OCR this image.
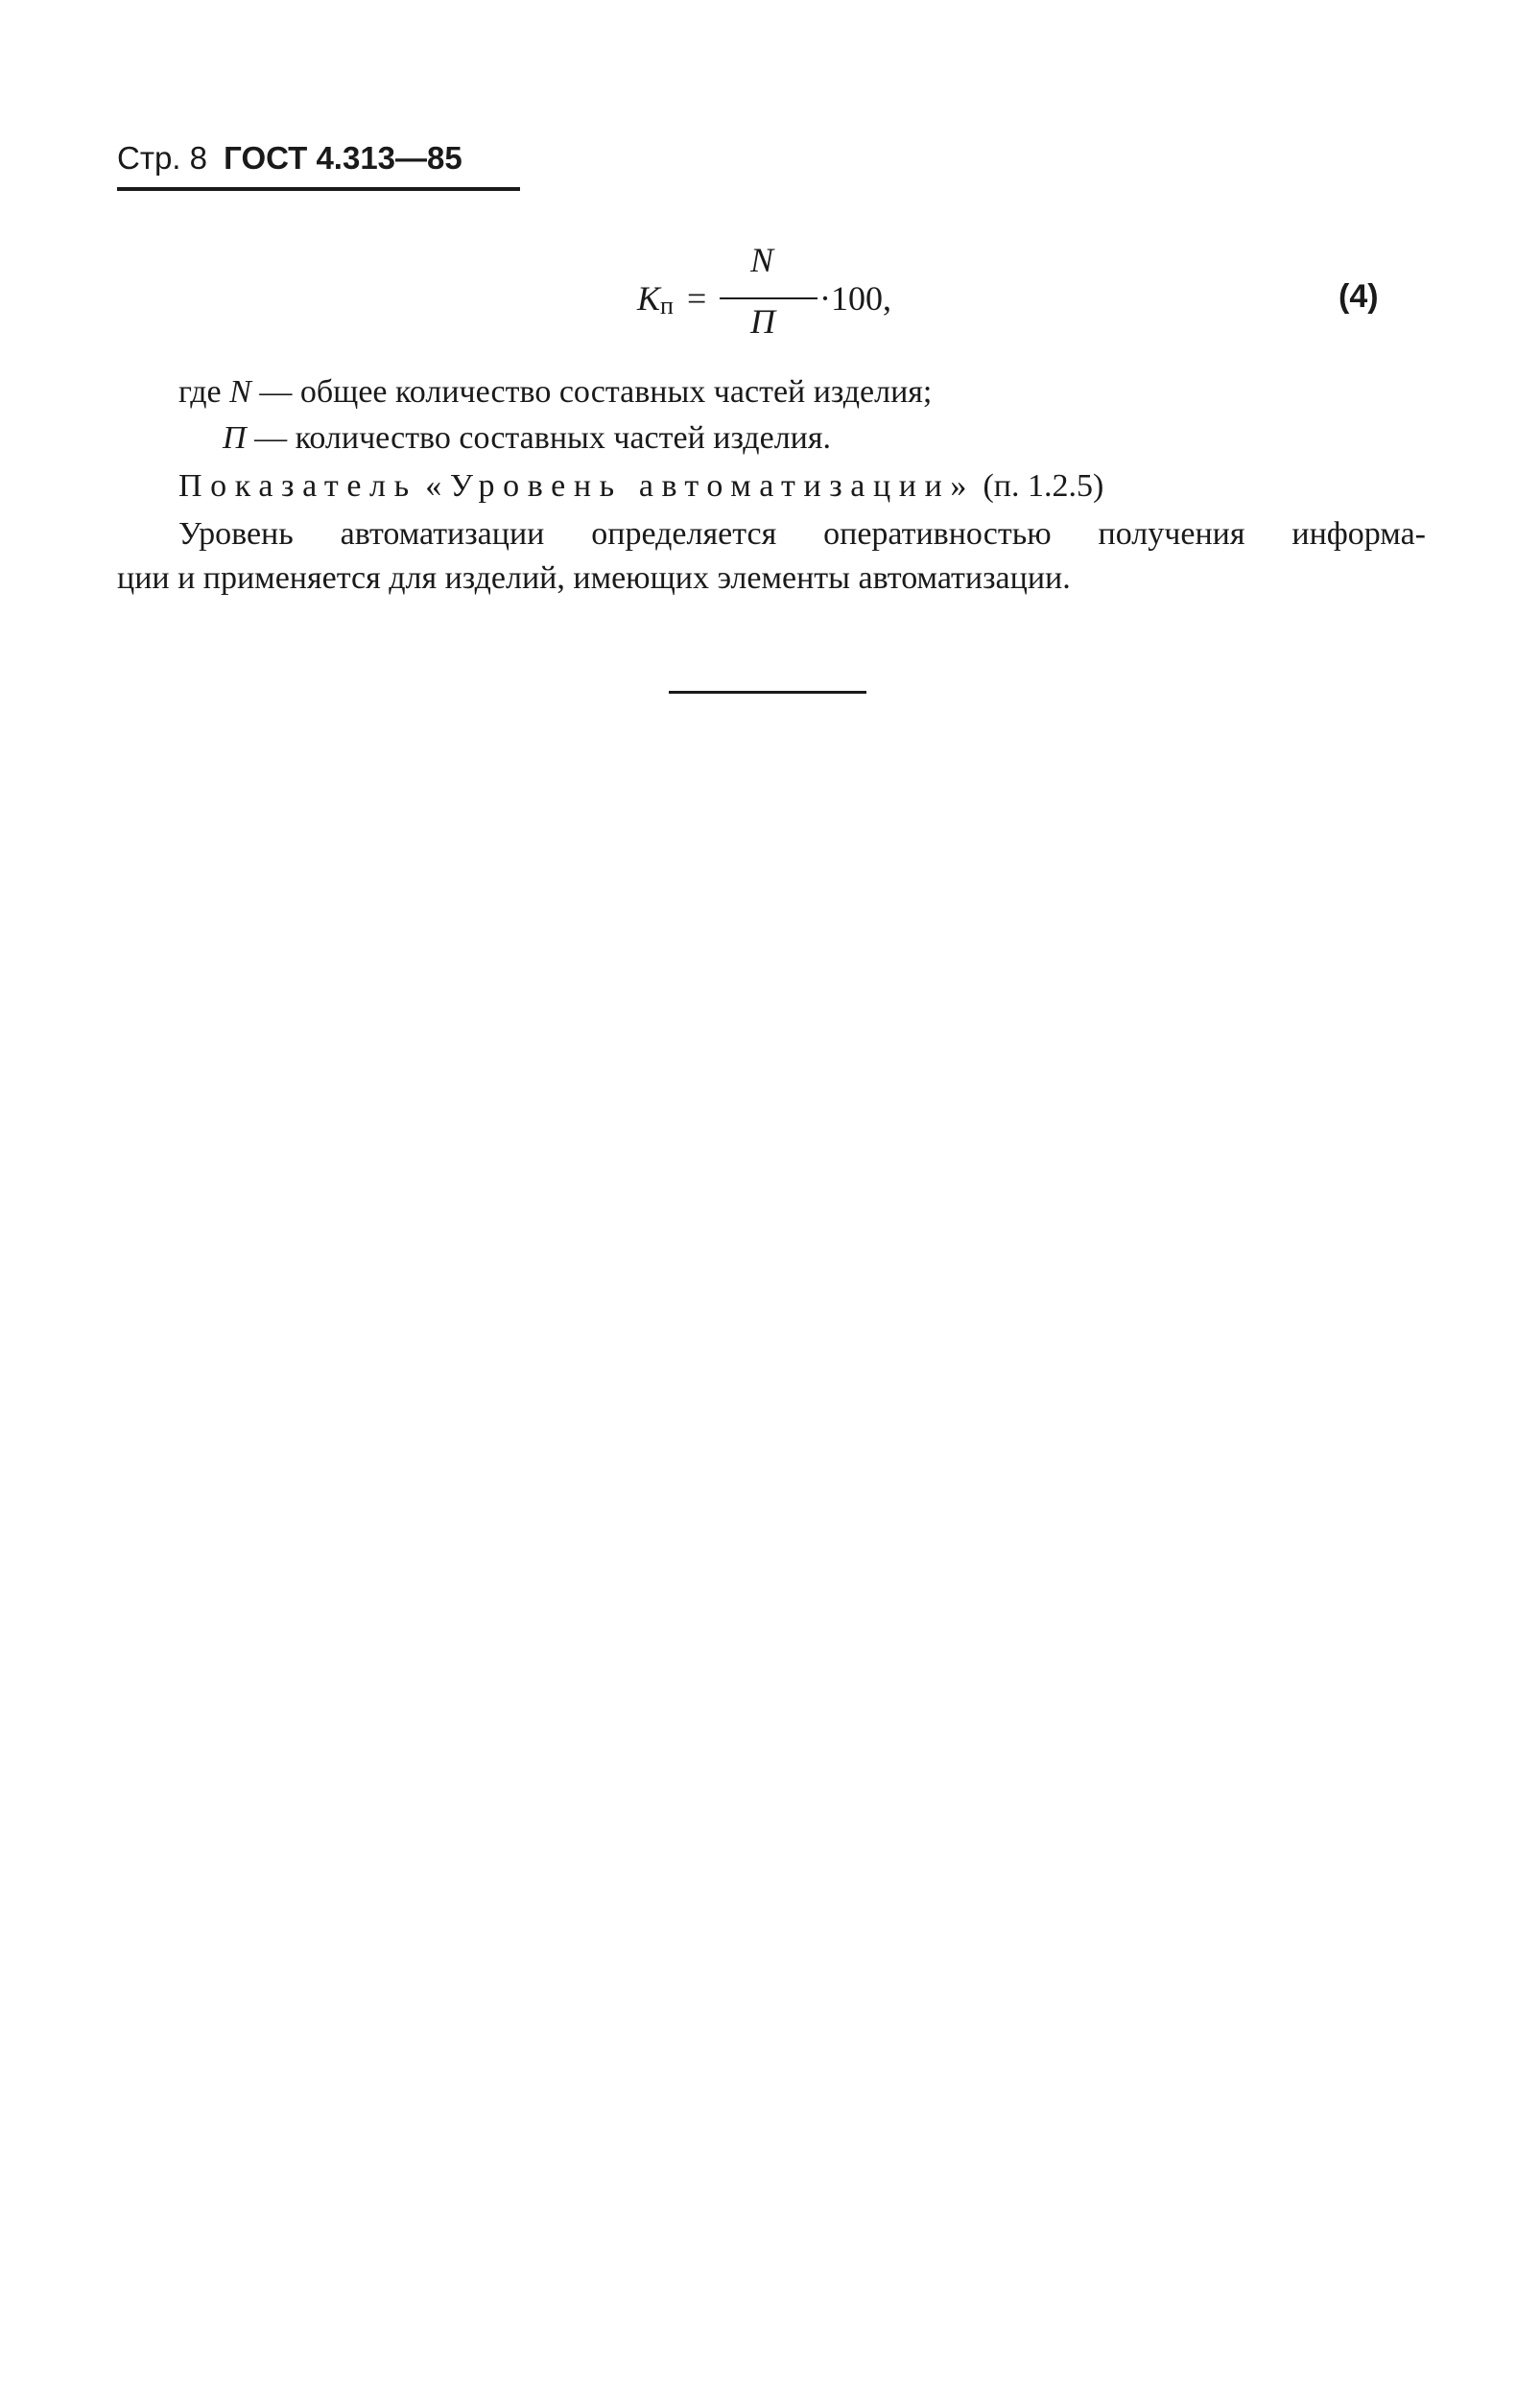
Стр. 8 ГОСТ 4.313—85
$K_п$ =
N
П
·100,	(4)
где N — общее количество составных частей изделия;
П — количество составных частей изделия.
Показатель «Уровень автоматизации» (п. 1.2.5)
Уровень автоматизации определяется оперативностью получения информа-
ции и применяется для изделий, имеющих элементы автоматизации.
